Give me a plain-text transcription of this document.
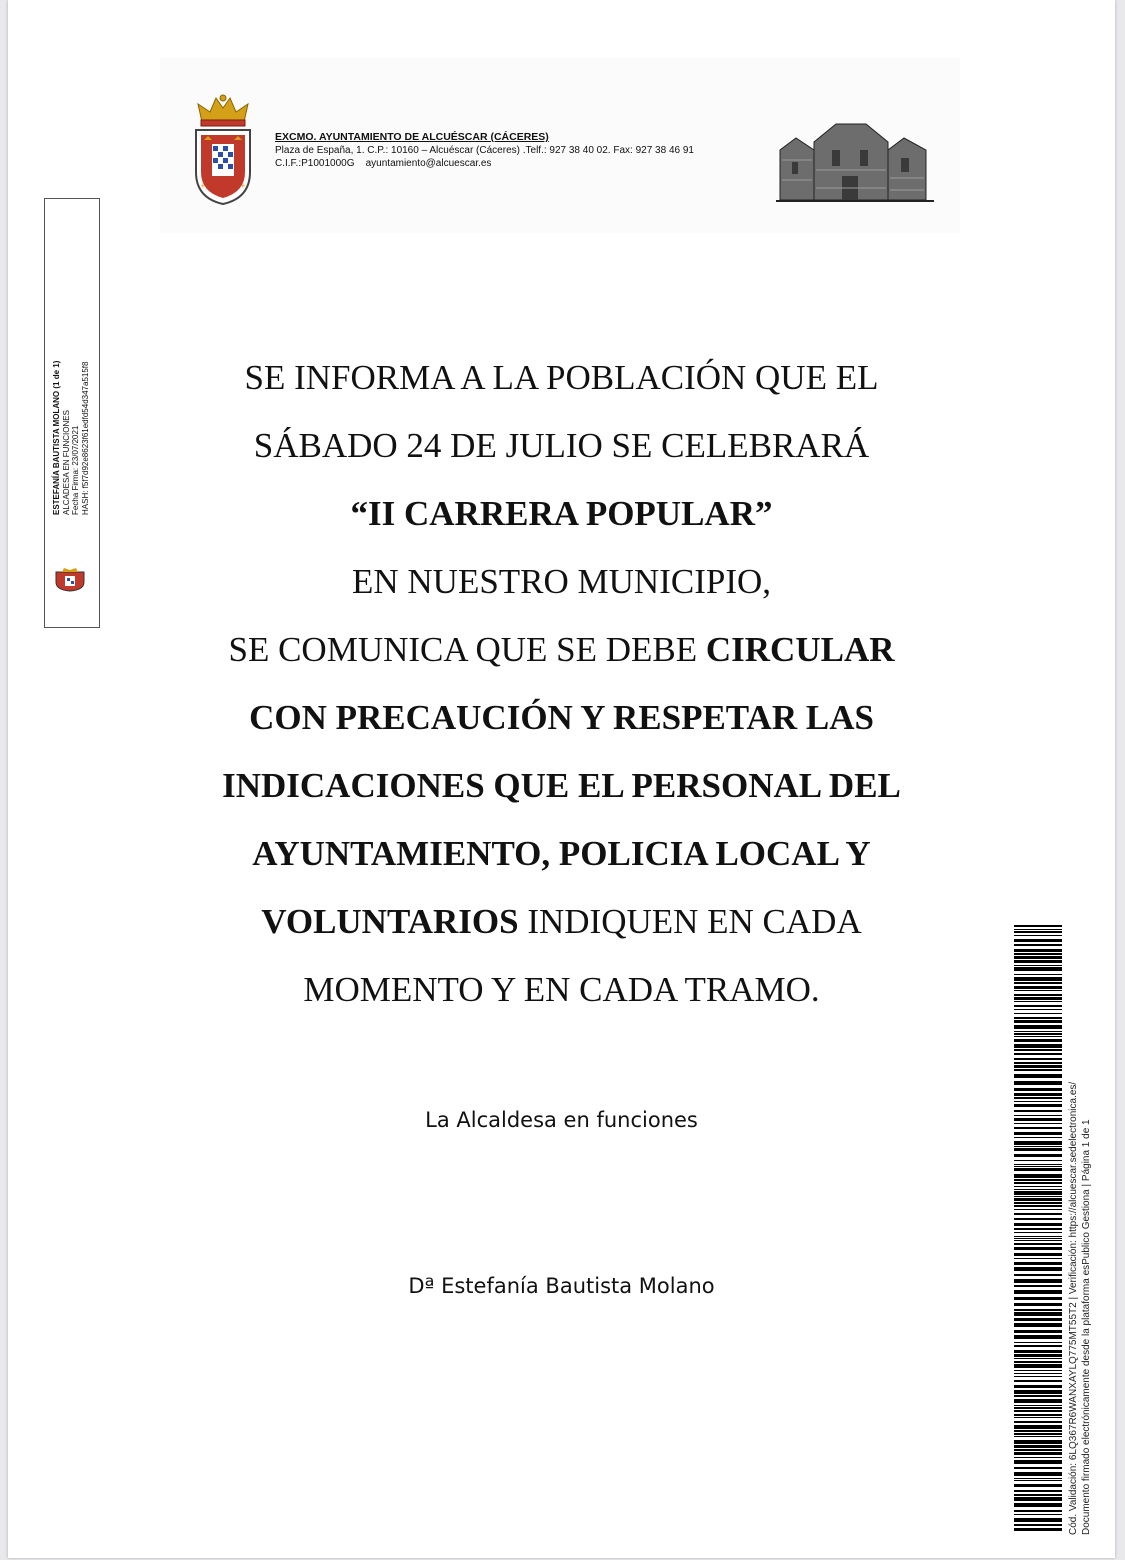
+	+
EXCMO. AYUNTAMIENTO DE ALCUÉSCAR (CÁCERES)
Plaza de España, 1. C.P.: 10160 – Alcuéscar (Cáceres) .Telf.: 927 38 40 02. Fax: 927 38 46 91
C.I.F.:P1001000G    ayuntamiento@alcuescar.es
ESTEFANÍA BAUTISTA MOLANO (1 de 1) ALCADESA EN FUNCIONES Fecha Firma: 23/07/2021 HASH: f5f7d92e8623f61edfd54d347a515f8	SE INFORMA A LA POBLACIÓN QUE EL
SÁBADO 24 DE JULIO SE CELEBRARÁ
“II CARRERA POPULAR”
EN NUESTRO MUNICIPIO,
SE COMUNICA QUE SE DEBE CIRCULAR
CON PRECAUCIÓN Y RESPETAR LAS
INDICACIONES QUE EL PERSONAL DEL
AYUNTAMIENTO, POLICIA LOCAL Y
VOLUNTARIOS INDIQUEN EN CADA
MOMENTO Y EN CADA TRAMO.
La Alcaldesa en funciones
Dª Estefanía Bautista Molano	Cód. Validación: 6LQ367R6WANXAYLQ775MT55T2 | Verificación: https://alcuescar.sedelectronica.es/ Documento firmado electrónicamente desde la plataforma esPublico Gestiona | Página 1 de 1
